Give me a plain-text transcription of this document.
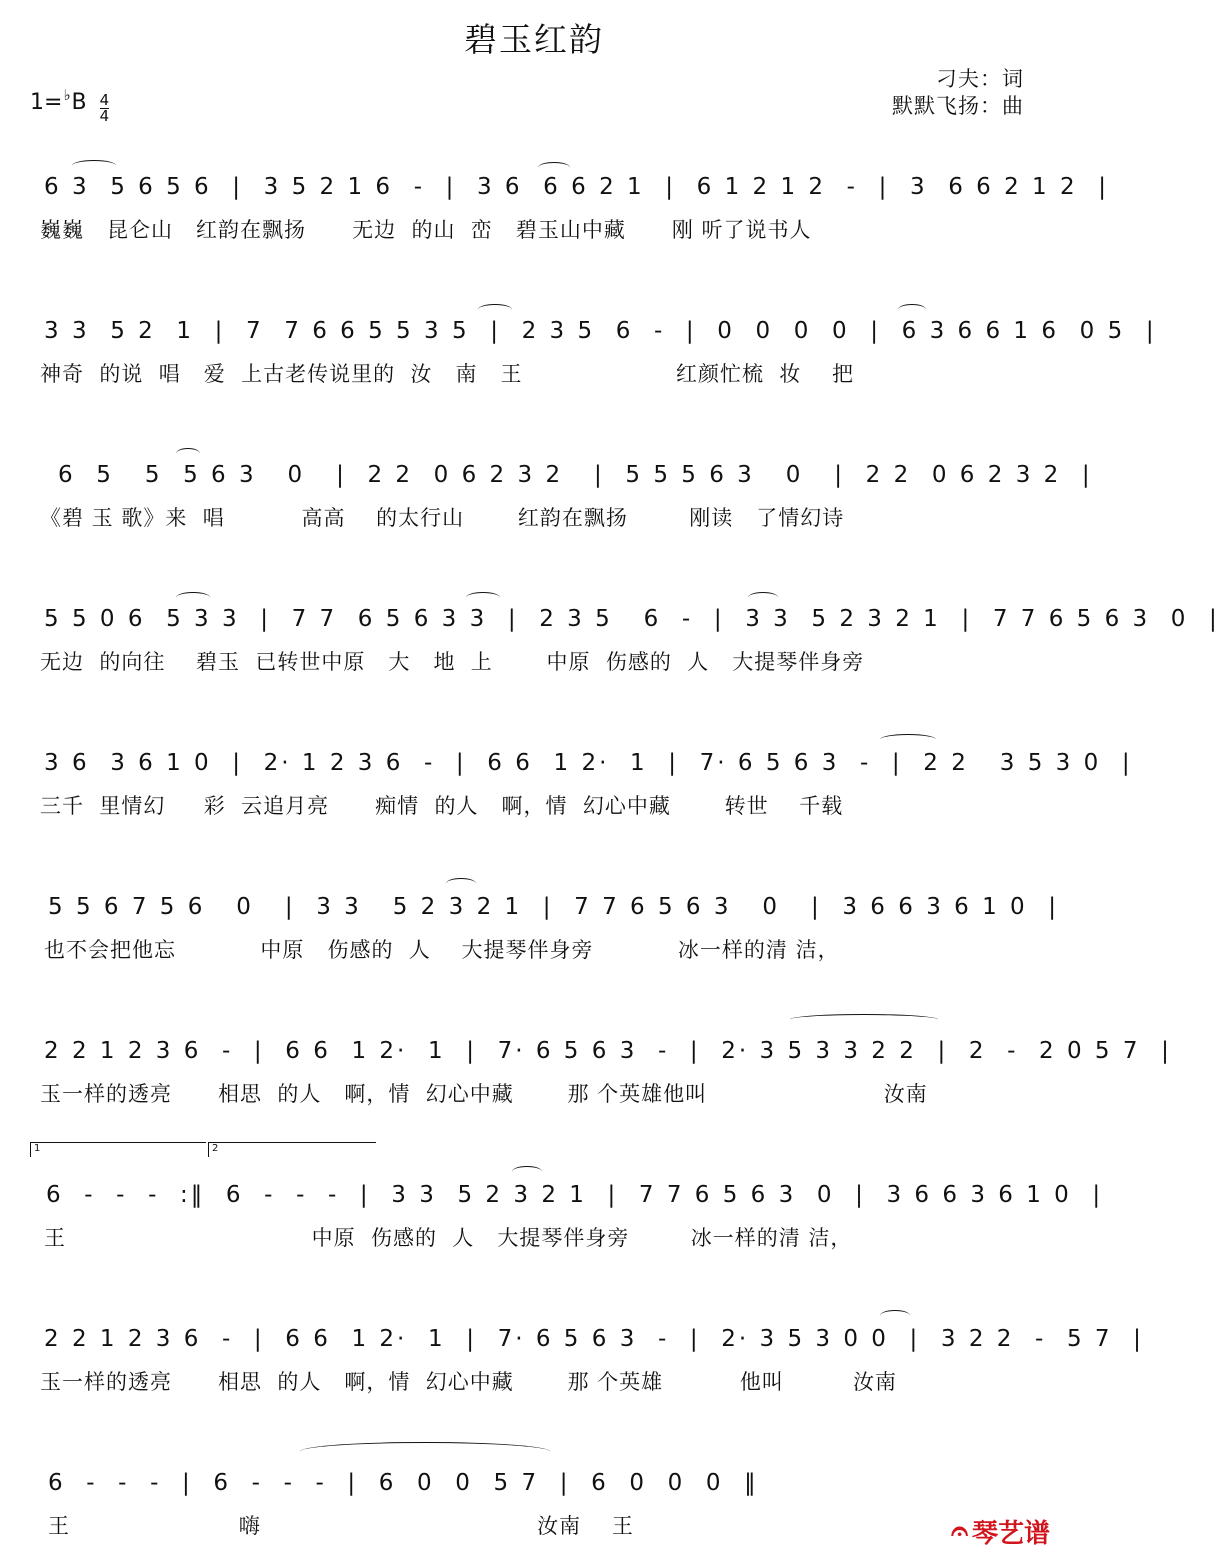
碧玉红韵
$1=^♭B \frac{4}{4}$
刁夫：词
默默飞扬：曲
6 3  5 6 5 6  |  3 5 2 1 6  -  |  3 6  6 6 2 1  |  6 1 2 1 2  -  |  3  6 6 2 1 2  |
巍巍   昆仑山   红韵在飘扬      无边  的山  峦   碧玉山中藏      刚 听了说书人
3 3  5 2  1  |  7  7 6 6 5 5 3 5  |  2 3 5  6  -  |  0  0  0  0  |  6 3 6 6 1 6  0 5  |
神奇  的说  唱   爱  上古老传说里的  汝   南   王                    红颜忙梳  妆    把
6  5   5  5 6 3   0   |  2 2  0 6 2 3 2   |  5 5 5 6 3   0   |  2 2  0 6 2 3 2  |
《碧 玉 歌》来  唱          高高    的太行山       红韵在飘扬        刚读   了情幻诗
5 5 0 6  5 3 3  |  7 7  6 5 6 3 3  |  2 3 5   6  -  |  3 3  5 2 3 2 1  |  7 7 6 5 6 3  0  |
无边  的向往    碧玉  已转世中原   大   地  上       中原  伤感的  人   大提琴伴身旁
3 6  3 6 1 0  |  2· 1 2 3 6  -  |  6 6  1 2·  1  |  7· 6 5 6 3  -  |  2 2   3 5 3 0  |
三千  里情幻     彩  云追月亮      痴情  的人   啊，情  幻心中藏       转世    千载
5 5 6 7 5 6   0   |  3 3   5 2 3 2 1  |  7 7 6 5 6 3   0   |  3 6 6 3 6 1 0  |
也不会把他忘           中原   伤感的  人    大提琴伴身旁           冰一样的清 洁，
2 2 1 2 3 6  -  |  6 6  1 2·  1  |  7· 6 5 6 3  -  |  2· 3 5 3 3 2 2  |  2  -  2 0 5 7  |
玉一样的透亮      相思  的人   啊，情  幻心中藏       那 个英雄他叫                       汝南
1	2
6  -  -  -  :‖  6  -  -  -  |  3 3  5 2 3 2 1  |  7 7 6 5 6 3  0  |  3 6 6 3 6 1 0  |
王                                中原  伤感的  人   大提琴伴身旁        冰一样的清 洁，
2 2 1 2 3 6  -  |  6 6  1 2·  1  |  7· 6 5 6 3  -  |  2· 3 5 3 0 0  |  3 2 2  -  5 7  |
玉一样的透亮      相思  的人   啊，情  幻心中藏       那 个英雄          他叫         汝南
6  -  -  -  |  6  -  -  -  |  6  0  0  5 7  |  6  0  0  0  ‖
王                      嗨                                    汝南    王	𝄐 琴艺谱
